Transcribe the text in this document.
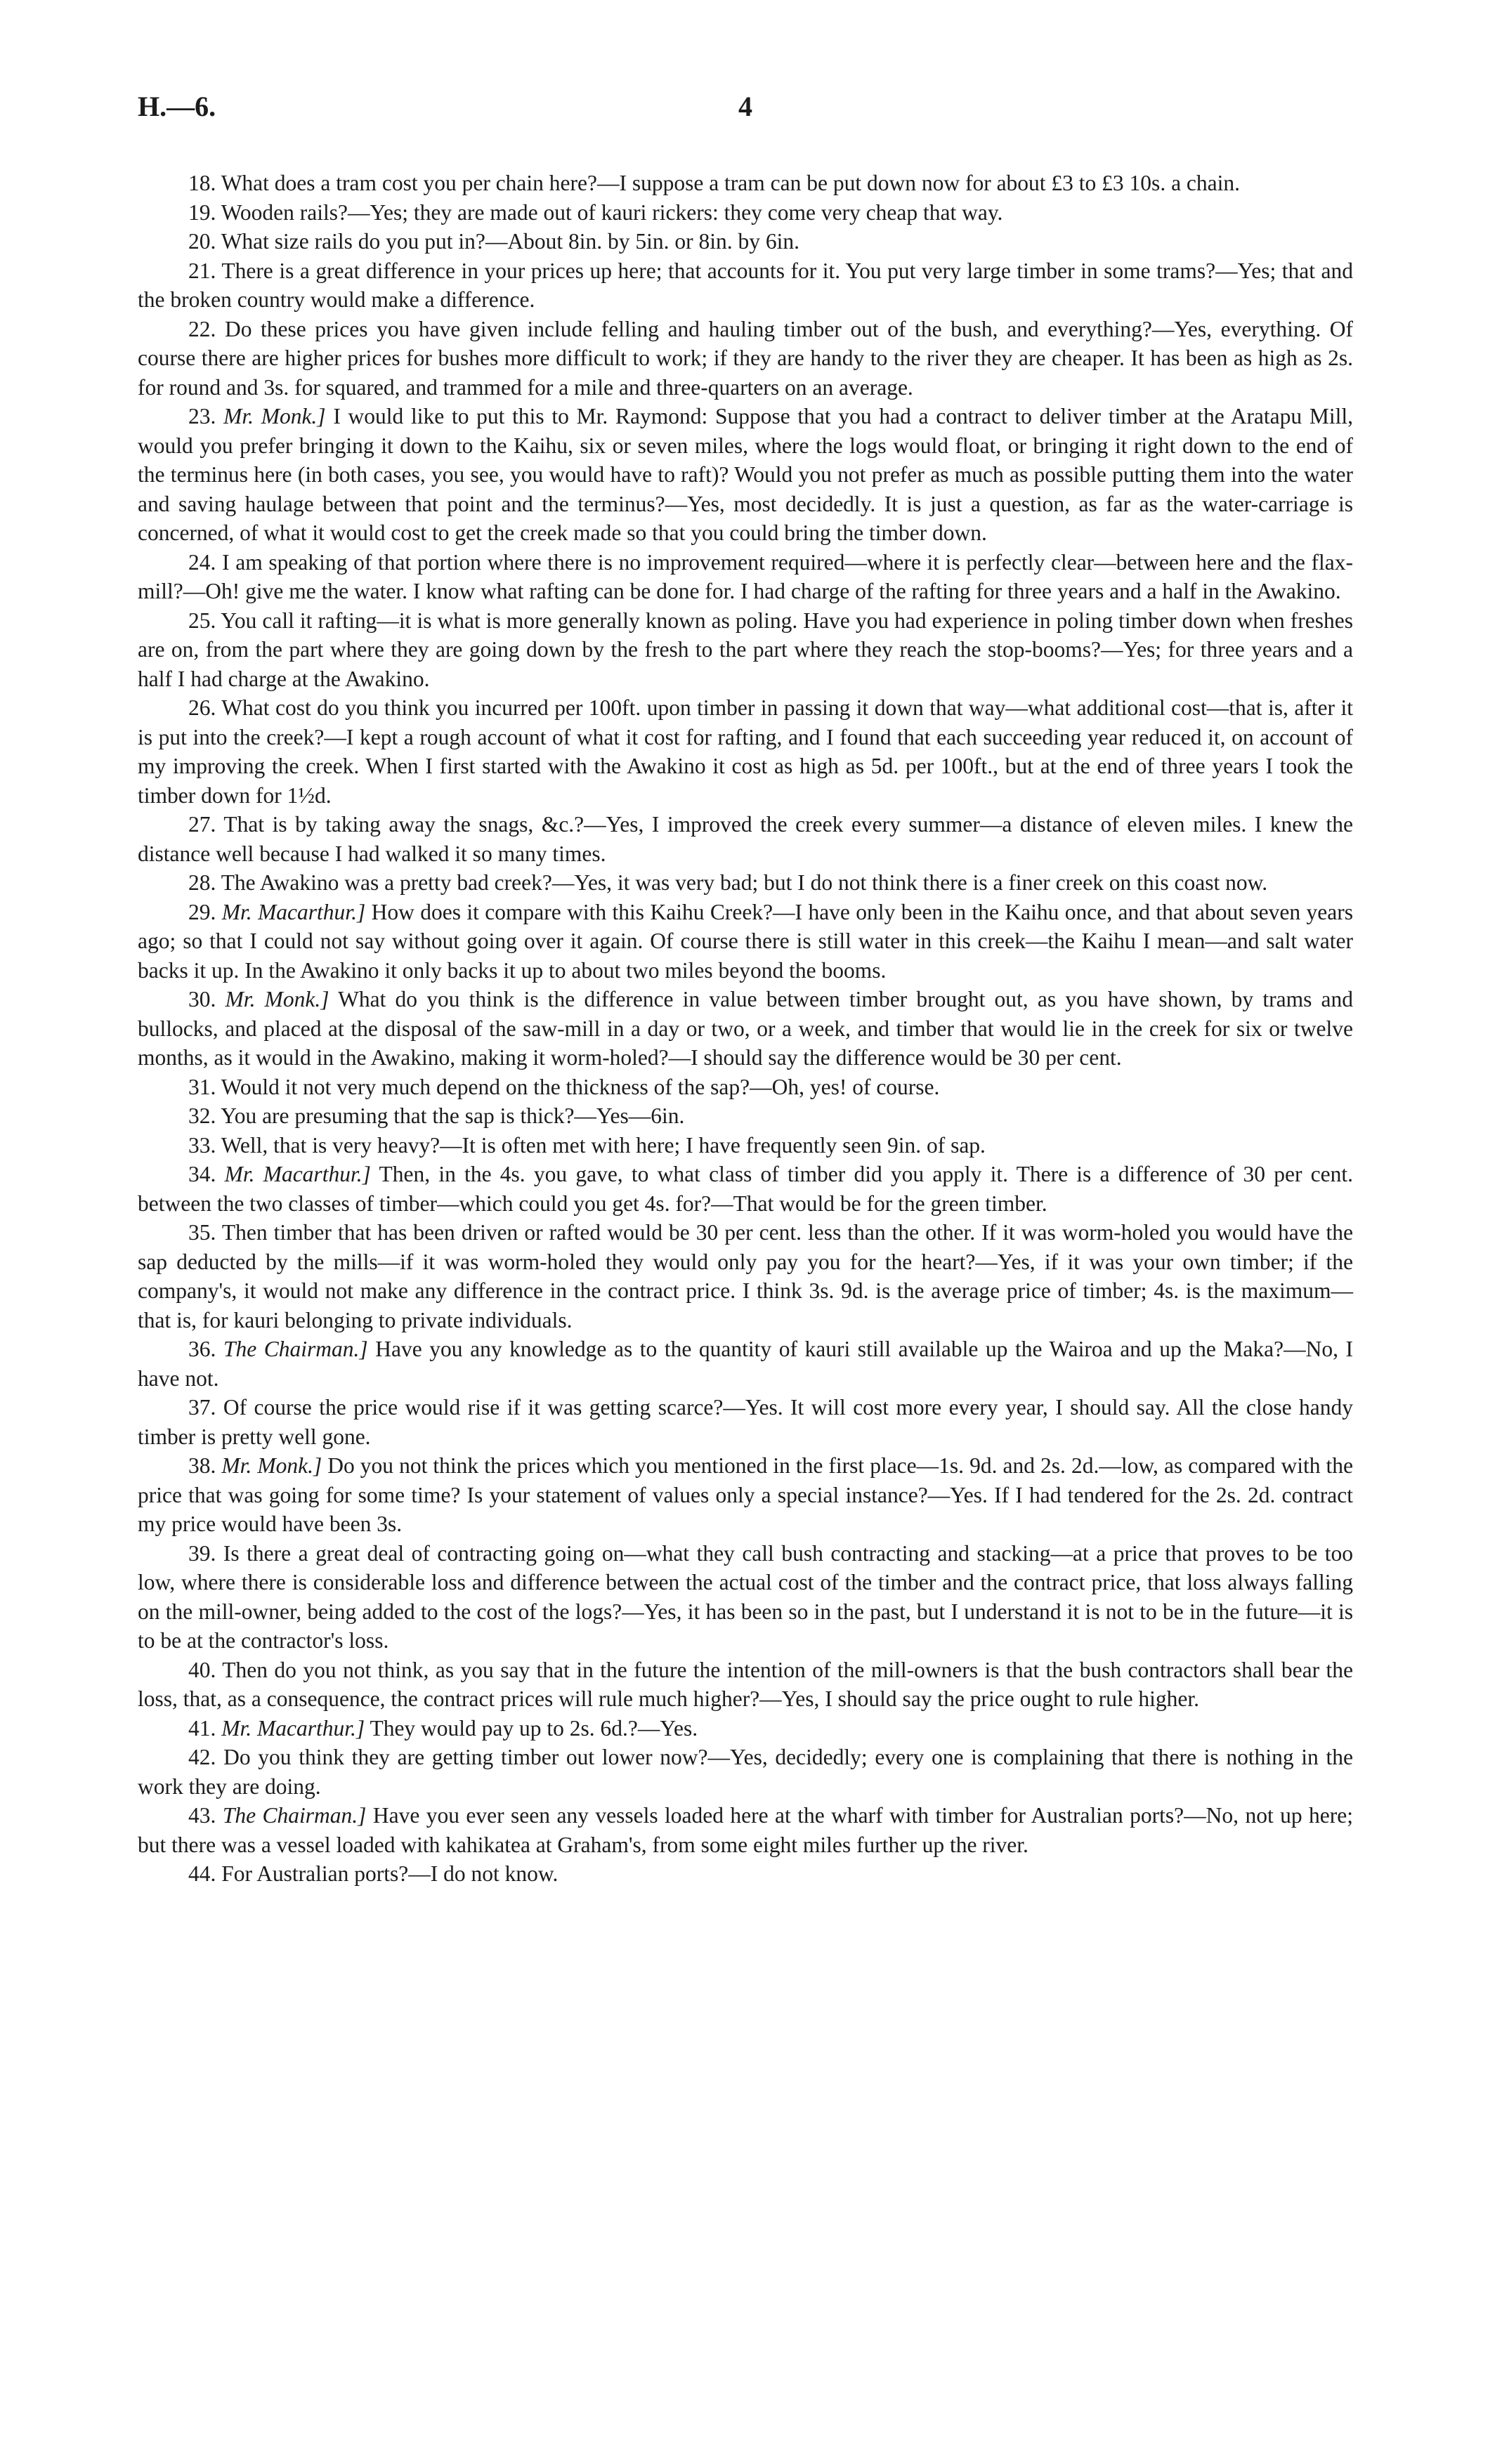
H.—6.	4

18. What does a tram cost you per chain here?—I suppose a tram can be put down now for about £3 to £3 10s. a chain.

19. Wooden rails?—Yes; they are made out of kauri rickers: they come very cheap that way.

20. What size rails do you put in?—About 8in. by 5in. or 8in. by 6in.

21. There is a great difference in your prices up here; that accounts for it. You put very large timber in some trams?—Yes; that and the broken country would make a difference.

22. Do these prices you have given include felling and hauling timber out of the bush, and everything?—Yes, everything. Of course there are higher prices for bushes more difficult to work; if they are handy to the river they are cheaper. It has been as high as 2s. for round and 3s. for squared, and trammed for a mile and three-quarters on an average.

23. Mr. Monk.] I would like to put this to Mr. Raymond: Suppose that you had a contract to deliver timber at the Aratapu Mill, would you prefer bringing it down to the Kaihu, six or seven miles, where the logs would float, or bringing it right down to the end of the terminus here (in both cases, you see, you would have to raft)? Would you not prefer as much as possible putting them into the water and saving haulage between that point and the terminus?—Yes, most decidedly. It is just a question, as far as the water-carriage is concerned, of what it would cost to get the creek made so that you could bring the timber down.

24. I am speaking of that portion where there is no improvement required—where it is perfectly clear—between here and the flax-mill?—Oh! give me the water. I know what rafting can be done for. I had charge of the rafting for three years and a half in the Awakino.

25. You call it rafting—it is what is more generally known as poling. Have you had experience in poling timber down when freshes are on, from the part where they are going down by the fresh to the part where they reach the stop-booms?—Yes; for three years and a half I had charge at the Awakino.

26. What cost do you think you incurred per 100ft. upon timber in passing it down that way—what additional cost—that is, after it is put into the creek?—I kept a rough account of what it cost for rafting, and I found that each succeeding year reduced it, on account of my improving the creek. When I first started with the Awakino it cost as high as 5d. per 100ft., but at the end of three years I took the timber down for 1½d.

27. That is by taking away the snags, &c.?—Yes, I improved the creek every summer—a distance of eleven miles. I knew the distance well because I had walked it so many times.

28. The Awakino was a pretty bad creek?—Yes, it was very bad; but I do not think there is a finer creek on this coast now.

29. Mr. Macarthur.] How does it compare with this Kaihu Creek?—I have only been in the Kaihu once, and that about seven years ago; so that I could not say without going over it again. Of course there is still water in this creek—the Kaihu I mean—and salt water backs it up. In the Awakino it only backs it up to about two miles beyond the booms.

30. Mr. Monk.] What do you think is the difference in value between timber brought out, as you have shown, by trams and bullocks, and placed at the disposal of the saw-mill in a day or two, or a week, and timber that would lie in the creek for six or twelve months, as it would in the Awakino, making it worm-holed?—I should say the difference would be 30 per cent.

31. Would it not very much depend on the thickness of the sap?—Oh, yes! of course.

32. You are presuming that the sap is thick?—Yes—6in.

33. Well, that is very heavy?—It is often met with here; I have frequently seen 9in. of sap.

34. Mr. Macarthur.] Then, in the 4s. you gave, to what class of timber did you apply it. There is a difference of 30 per cent. between the two classes of timber—which could you get 4s. for?—That would be for the green timber.

35. Then timber that has been driven or rafted would be 30 per cent. less than the other. If it was worm-holed you would have the sap deducted by the mills—if it was worm-holed they would only pay you for the heart?—Yes, if it was your own timber; if the company's, it would not make any difference in the contract price. I think 3s. 9d. is the average price of timber; 4s. is the maximum—that is, for kauri belonging to private individuals.

36. The Chairman.] Have you any knowledge as to the quantity of kauri still available up the Wairoa and up the Maka?—No, I have not.

37. Of course the price would rise if it was getting scarce?—Yes. It will cost more every year, I should say. All the close handy timber is pretty well gone.

38. Mr. Monk.] Do you not think the prices which you mentioned in the first place—1s. 9d. and 2s. 2d.—low, as compared with the price that was going for some time? Is your statement of values only a special instance?—Yes. If I had tendered for the 2s. 2d. contract my price would have been 3s.

39. Is there a great deal of contracting going on—what they call bush contracting and stacking—at a price that proves to be too low, where there is considerable loss and difference between the actual cost of the timber and the contract price, that loss always falling on the mill-owner, being added to the cost of the logs?—Yes, it has been so in the past, but I understand it is not to be in the future—it is to be at the contractor's loss.

40. Then do you not think, as you say that in the future the intention of the mill-owners is that the bush contractors shall bear the loss, that, as a consequence, the contract prices will rule much higher?—Yes, I should say the price ought to rule higher.

41. Mr. Macarthur.] They would pay up to 2s. 6d.?—Yes.

42. Do you think they are getting timber out lower now?—Yes, decidedly; every one is complaining that there is nothing in the work they are doing.

43. The Chairman.] Have you ever seen any vessels loaded here at the wharf with timber for Australian ports?—No, not up here; but there was a vessel loaded with kahikatea at Graham's, from some eight miles further up the river.

44. For Australian ports?—I do not know.
